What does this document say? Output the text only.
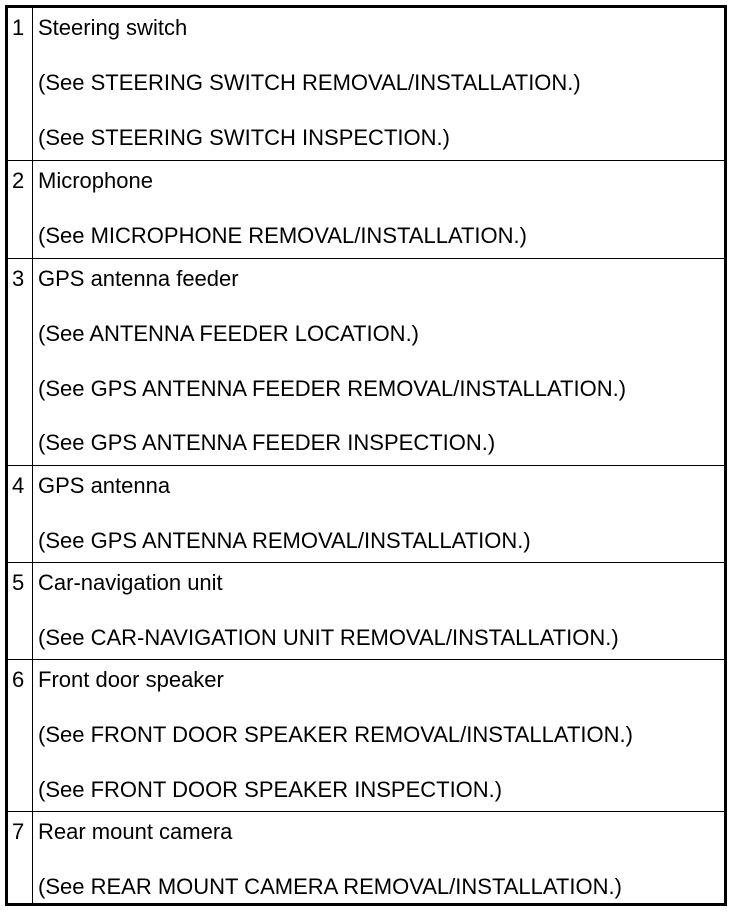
1 Steering switch
(See STEERING SWITCH REMOVAL/INSTALLATION.)
(See STEERING SWITCH INSPECTION.)
2 Microphone
(See MICROPHONE REMOVAL/INSTALLATION.)
3 GPS antenna feeder
(See ANTENNA FEEDER LOCATION.)
(See GPS ANTENNA FEEDER REMOVAL/INSTALLATION.)
(See GPS ANTENNA FEEDER INSPECTION.)
4 GPS antenna
(See GPS ANTENNA REMOVAL/INSTALLATION.)
5 Car-navigation unit
(See CAR-NAVIGATION UNIT REMOVAL/INSTALLATION.)
6 Front door speaker
(See FRONT DOOR SPEAKER REMOVAL/INSTALLATION.)
(See FRONT DOOR SPEAKER INSPECTION.)
7 Rear mount camera
(See REAR MOUNT CAMERA REMOVAL/INSTALLATION.)
